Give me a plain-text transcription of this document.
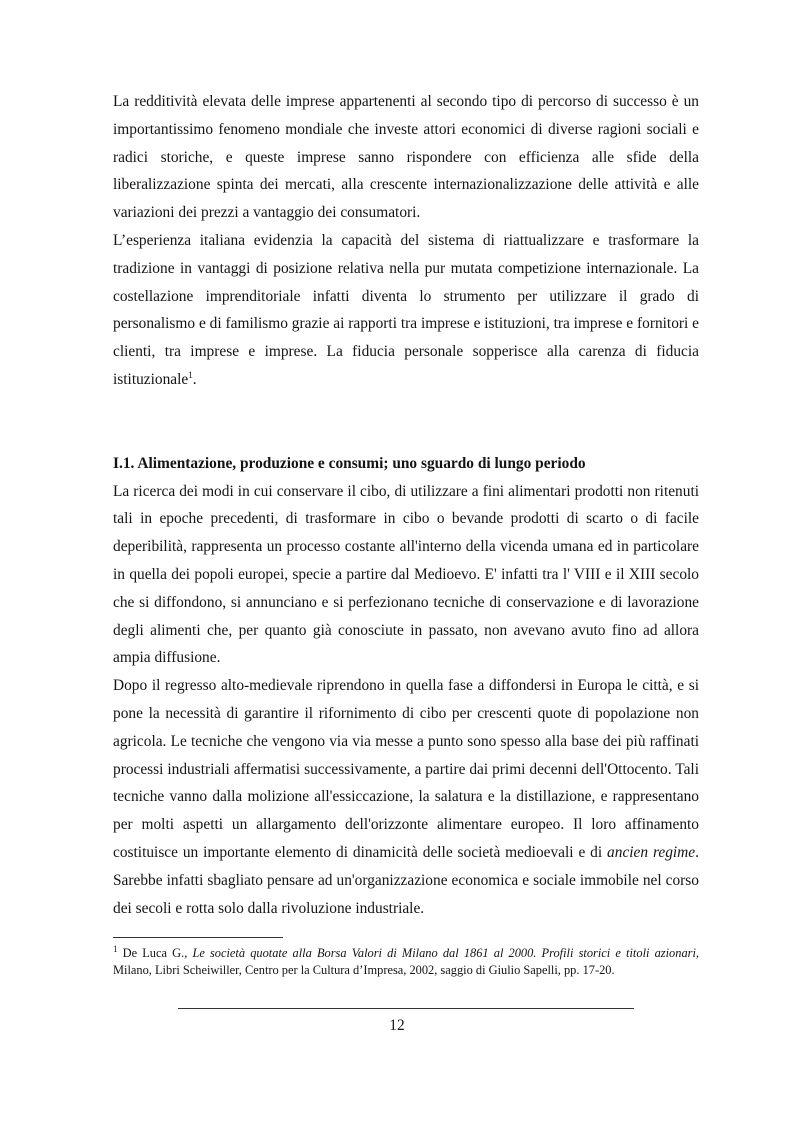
La redditività elevata delle imprese appartenenti al secondo tipo di percorso di successo è un importantissimo fenomeno mondiale che investe attori economici di diverse ragioni sociali e radici storiche, e queste imprese sanno rispondere con efficienza alle sfide della liberalizzazione spinta dei mercati, alla crescente internazionalizzazione delle attività e alle variazioni dei prezzi a vantaggio dei consumatori.

L’esperienza italiana evidenzia la capacità del sistema di riattualizzare e trasformare la tradizione in vantaggi di posizione relativa nella pur mutata competizione internazionale. La costellazione imprenditoriale infatti diventa lo strumento per utilizzare il grado di personalismo e di familismo grazie ai rapporti tra imprese e istituzioni, tra imprese e fornitori e clienti, tra imprese e imprese. La fiducia personale sopperisce alla carenza di fiducia istituzionale$^1$.

I.1. Alimentazione, produzione e consumi; uno sguardo di lungo periodo

La ricerca dei modi in cui conservare il cibo, di utilizzare a fini alimentari prodotti non ritenuti tali in epoche precedenti, di trasformare in cibo o bevande prodotti di scarto o di facile deperibilità, rappresenta un processo costante all'interno della vicenda umana ed in particolare in quella dei popoli europei, specie a partire dal Medioevo. E' infatti tra l' VIII e il XIII secolo che si diffondono, si annunciano e si perfezionano tecniche di conservazione e di lavorazione degli alimenti che, per quanto già conosciute in passato, non avevano avuto fino ad allora ampia diffusione.

Dopo il regresso alto-medievale riprendono in quella fase a diffondersi in Europa le città, e si pone la necessità di garantire il rifornimento di cibo per crescenti quote di popolazione non agricola. Le tecniche che vengono via via messe a punto sono spesso alla base dei più raffinati processi industriali affermatisi successivamente, a partire dai primi decenni dell'Ottocento. Tali tecniche vanno dalla molizione all'essiccazione, la salatura e la distillazione, e rappresentano per molti aspetti un allargamento dell'orizzonte alimentare europeo. Il loro affinamento costituisce un importante elemento di dinamicità delle società medioevali e di ancien regime. Sarebbe infatti sbagliato pensare ad un'organizzazione economica e sociale immobile nel corso dei secoli e rotta solo dalla rivoluzione industriale.

$^1$ De Luca G., Le società quotate alla Borsa Valori di Milano dal 1861 al 2000. Profili storici e titoli azionari, Milano, Libri Scheiwiller, Centro per la Cultura d’Impresa, 2002, saggio di Giulio Sapelli, pp. 17-20.

12
